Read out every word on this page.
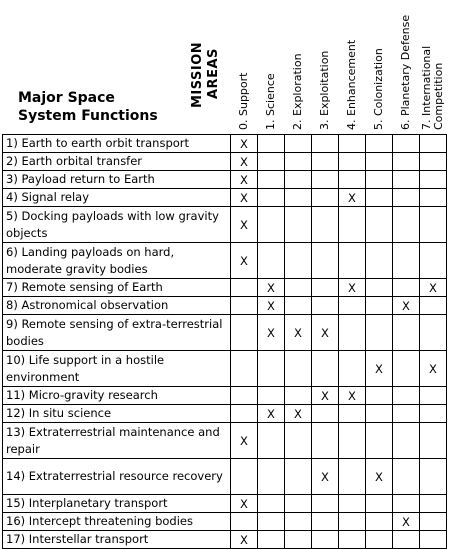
Major Space
System Functions
MISSION AREAS 0. Support 1. Science 2. Exploration 3. Exploitation 4. Enhancement 5. Colonization 6. Planetary Defense 7. International Competition
1) Earth to earth orbit transport	X							
2) Earth orbital transfer	X							
3) Payload return to Earth	X							
4) Signal relay	X				X			
5) Docking payloads with low gravity objects	X							
6) Landing payloads on hard, moderate gravity bodies	X							
7) Remote sensing of Earth		X			X			X
8) Astronomical observation		X					X	
9) Remote sensing of extra-terrestrial bodies		X	X	X				
10) Life support in a hostile environment						X		X
11) Micro-gravity research				X	X			
12) In situ science		X	X					
13) Extraterrestrial maintenance and repair	X							
14) Extraterrestrial resource recovery				X		X		
15) Interplanetary transport	X							
16) Intercept threatening bodies							X	
17) Interstellar transport	X							
